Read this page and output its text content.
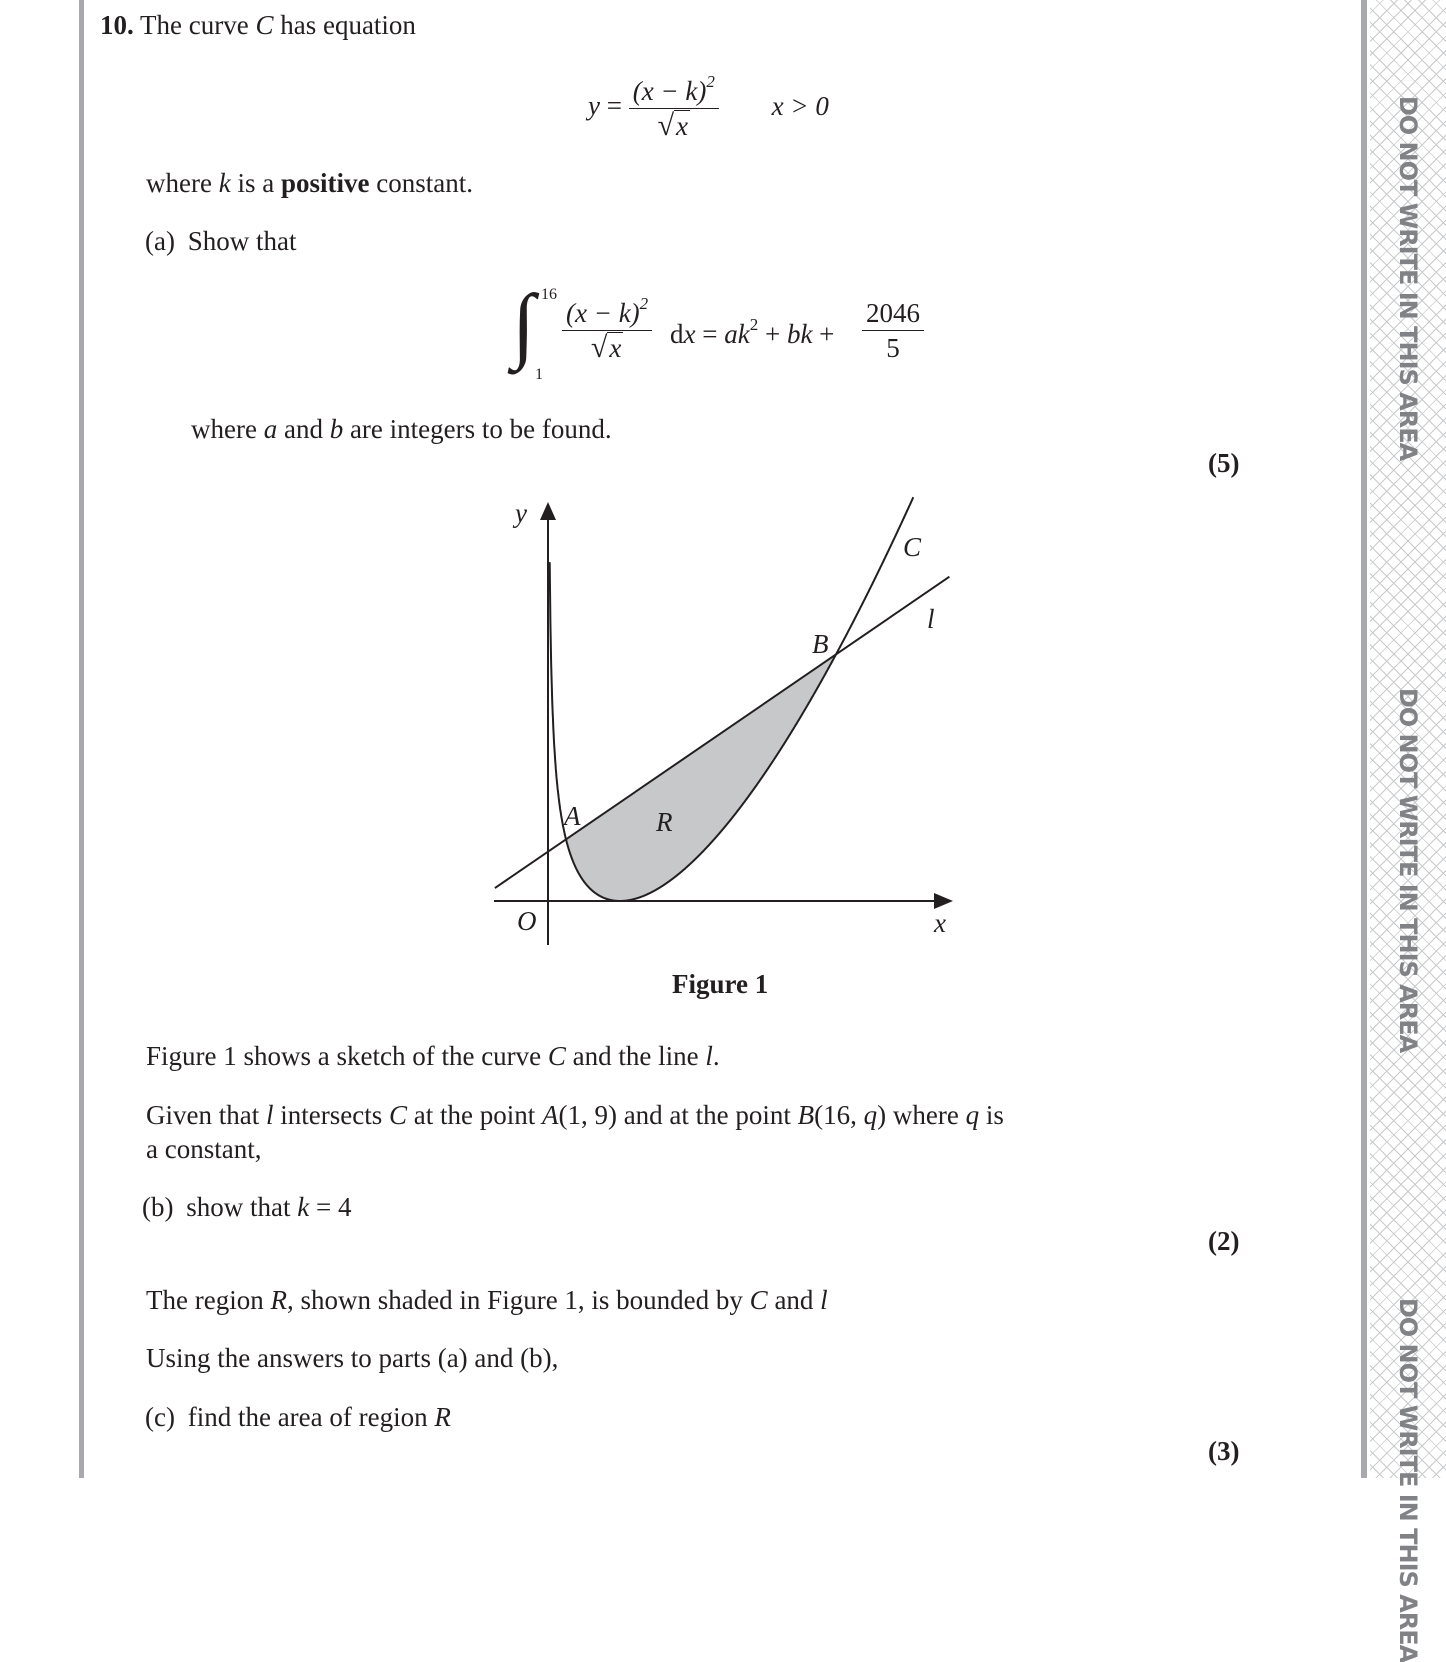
DO NOT WRITE IN THIS AREA
DO NOT WRITE IN THIS AREA
DO NOT WRITE IN THIS AREA
10. The curve C has equation
$y = \frac{(x - k)^2}{√x}$ x > 0
where k is a positive constant.
(a) Show that
∫ 16
1
$\frac{(x - k)^2}{√x}$ dx = $ak^2$ + bk + $\frac{2046}{5}$
where a and b are integers to be found.
(5)
y
x
O
C
l
B
A	R
Figure 1
Figure 1 shows a sketch of the curve C and the line l.
Given that l intersects C at the point A(1, 9) and at the point B(16, q) where q is
a constant,
(b) show that k = 4
(2)
The region R, shown shaded in Figure 1, is bounded by C and l
Using the answers to parts (a) and (b),
(c) find the area of region R
(3)
